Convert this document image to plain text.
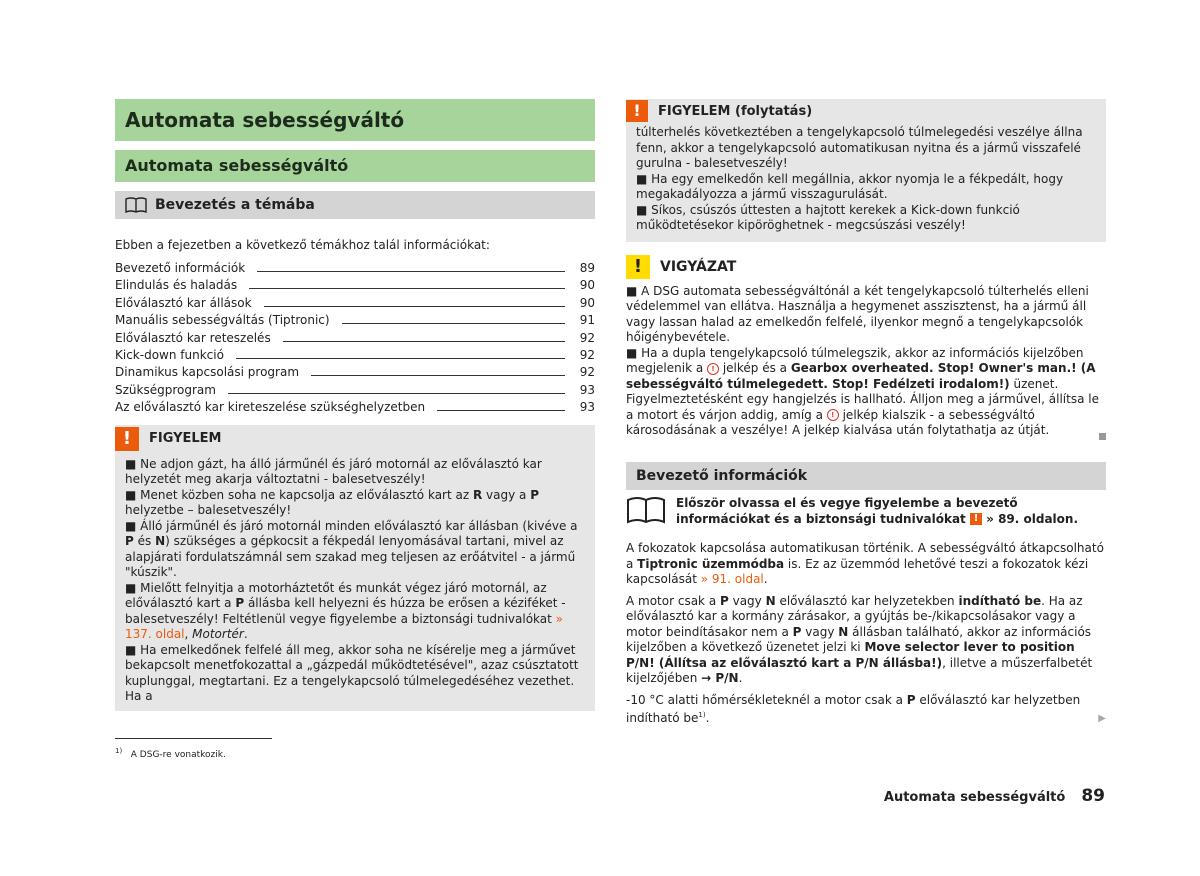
Automata sebességváltó
Automata sebességváltó
Bevezetés a témába
Ebben a fejezetben a következő témákhoz talál információkat:
Bevezető információk	89
Elindulás és haladás	90
Előválasztó kar állások	90
Manuális sebességváltás (Tiptronic)	91
Előválasztó kar reteszelés	92
Kick-down funkció	92
Dinamikus kapcsolási program	92
Szükségprogram	93
Az előválasztó kar kireteszelése szükséghelyzetben	93
!	FIGYELEM

■ Ne adjon gázt, ha álló járműnél és járó motornál az előválasztó kar helyzetét meg akarja változtatni - balesetveszély!

■ Menet közben soha ne kapcsolja az előválasztó kart az R vagy a P helyzetbe – balesetveszély!

■ Álló járműnél és járó motornál minden előválasztó kar állásban (kivéve a P és N) szükséges a gépkocsit a fékpedál lenyomásával tartani, mivel az alapjárati fordulatszámnál sem szakad meg teljesen az erőátvitel - a jármű "kúszik".

■ Mielőtt felnyitja a motorháztetőt és munkát végez járó motornál, az előválasztó kart a P állásba kell helyezni és húzza be erősen a kéziféket - balesetveszély! Feltétlenül vegye figyelembe a biztonsági tudnivalókat » 137. oldal, Motortér.

■ Ha emelkedőnek felfelé áll meg, akkor soha ne kísérelje meg a járművet bekapcsolt menetfokozattal a „gázpedál működtetésével", azaz csúsztatott kuplunggal, megtartani. Ez a tengelykapcsoló túlmelegedéséhez vezethet. Ha a

!	FIGYELEM (folytatás)

túlterhelés következtében a tengelykapcsoló túlmelegedési veszélye állna fenn, akkor a tengelykapcsoló automatikusan nyitna és a jármű visszafelé gurulna - balesetveszély!

■ Ha egy emelkedőn kell megállnia, akkor nyomja le a fékpedált, hogy megakadályozza a jármű visszagurulását.

■ Síkos, csúszós úttesten a hajtott kerekek a Kick-down funkció működtetésekor kipöröghetnek - megcsúszási veszély!

!	VIGYÁZAT

■ A DSG automata sebességváltónál a két tengelykapcsoló túlterhelés elleni védelemmel van ellátva. Használja a hegymenet asszisztenst, ha a jármű áll vagy lassan halad az emelkedőn felfelé, ilyenkor megnő a tengelykapcsolók hőigénybevétele.

■ Ha a dupla tengelykapcsoló túlmelegszik, akkor az információs kijelzőben megjelenik a ! jelkép és a Gearbox overheated. Stop! Owner's man.! (A sebességváltó túlmelegedett. Stop! Fedélzeti irodalom!) üzenet. Figyelmeztetésként egy hangjelzés is hallható. Álljon meg a járművel, állítsa le a motort és várjon addig, amíg a ! jelkép kialszik - a sebességváltó károsodásának a veszélye! A jelkép kialvása után folytathatja az útját.

Bevezető információk
Először olvassa el és vegye figyelembe a bevezető információkat és a biztonsági tudnivalókat ! » 89. oldalon.

A fokozatok kapcsolása automatikusan történik. A sebességváltó átkapcsolható a Tiptronic üzemmódba is. Ez az üzemmód lehetővé teszi a fokozatok kézi kapcsolását » 91. oldal.

A motor csak a P vagy N előválasztó kar helyzetekben indítható be. Ha az előválasztó kar a kormány zárásakor, a gyújtás be-/kikapcsolásakor vagy a motor beindításakor nem a P vagy N állásban található, akkor az információs kijelzőben a következő üzenetet jelzi ki Move selector lever to position P/N! (Állítsa az előválasztó kart a P/N állásba!), illetve a műszerfalbetét kijelzőjében → P/N.

-10 °C alatti hőmérsékleteknél a motor csak a P előválasztó kar helyzetben indítható $be^{1)}$.	▶

$^{1)}$ A DSG-re vonatkozik.
Automata sebességváltó 89
